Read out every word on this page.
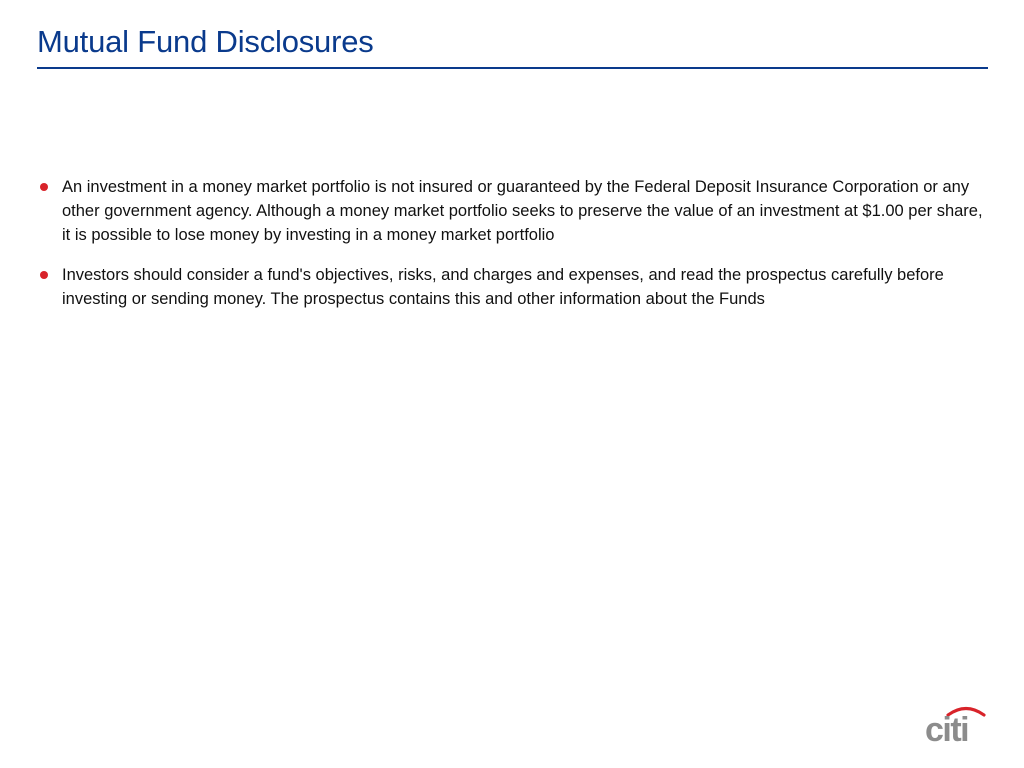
Mutual Fund Disclosures
An investment in a money market portfolio is not insured or guaranteed by the Federal Deposit Insurance Corporation or any other government agency. Although a money market portfolio seeks to preserve the value of an investment at $1.00 per share, it is possible to lose money by investing in a money market portfolio
Investors should consider a fund's objectives, risks, and charges and expenses, and read the prospectus carefully before investing or sending money. The prospectus contains this and other information about the Funds
citi
